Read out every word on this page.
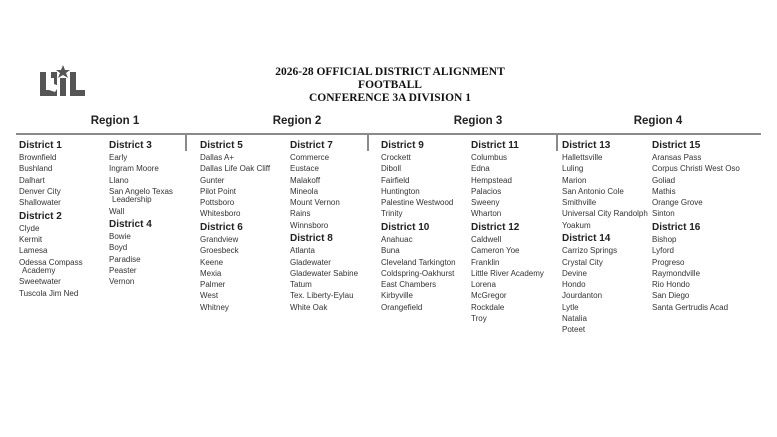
2026-28 OFFICIAL DISTRICT ALIGNMENT
FOOTBALL
CONFERENCE 3A DIVISION 1
Region 1	Region 2	Region 3	Region 4
District 1
Brownfield
Bushland
Dalhart
Denver City
Shallowater
District 2
Clyde
Kermit
Lamesa
Odessa Compass Academy
Sweetwater
Tuscola Jim Ned
District 3
Early
Ingram Moore
Llano
San Angelo Texas Leadership
Wall
District 4
Bowie
Boyd
Paradise
Peaster
Vernon
District 5
Dallas A+
Dallas Life Oak Cliff
Gunter
Pilot Point
Pottsboro
Whitesboro
District 6
Grandview
Groesbeck
Keene
Mexia
Palmer
West
Whitney
District 7
Commerce
Eustace
Malakoff
Mineola
Mount Vernon
Rains
Winnsboro
District 8
Atlanta
Gladewater
Gladewater Sabine
Tatum
Tex. Liberty-Eylau
White Oak
District 9
Crockett
Diboll
Fairfield
Huntington
Palestine Westwood
Trinity
District 10
Anahuac
Buna
Cleveland Tarkington
Coldspring-Oakhurst
East Chambers
Kirbyville
Orangefield
District 11
Columbus
Edna
Hempstead
Palacios
Sweeny
Wharton
District 12
Caldwell
Cameron Yoe
Franklin
Little River Academy
Lorena
McGregor
Rockdale
Troy
District 13
Hallettsville
Luling
Marion
San Antonio Cole
Smithville
Universal City Randolph
Yoakum
District 14
Carrizo Springs
Crystal City
Devine
Hondo
Jourdanton
Lytle
Natalia
Poteet
District 15
Aransas Pass
Corpus Christi West Oso
Goliad
Mathis
Orange Grove
Sinton
District 16
Bishop
Lyford
Progreso
Raymondville
Rio Hondo
San Diego
Santa Gertrudis Acad
